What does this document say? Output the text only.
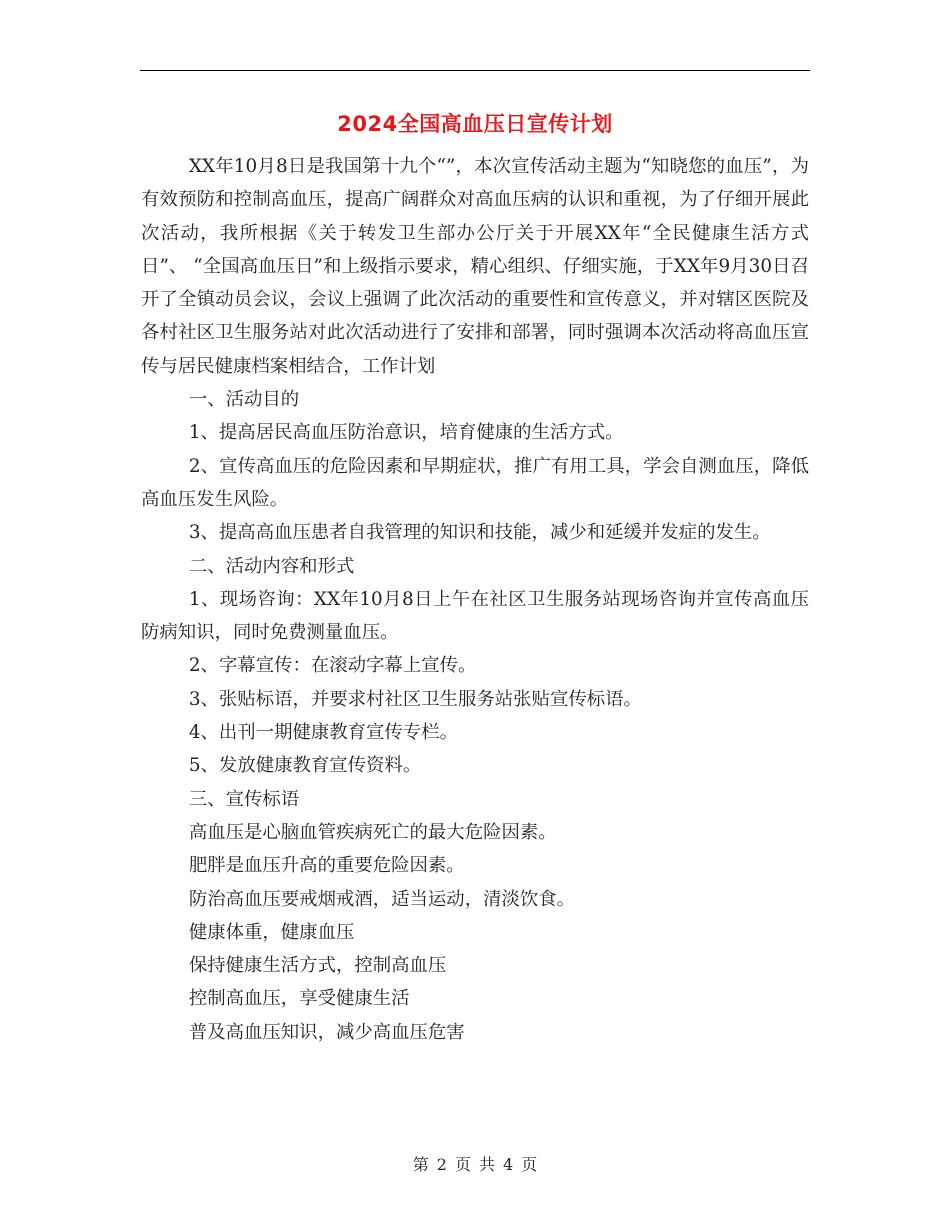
2024全国高血压日宣传计划

XX年10月8日是我国第十九个“”，本次宣传活动主题为“知晓您的血压”，为有效预防和控制高血压，提高广阔群众对高血压病的认识和重视，为了仔细开展此次活动，我所根据《关于转发卫生部办公厅关于开展XX年“全民健康生活方式日”、 “全国高血压日”和上级指示要求，精心组织、仔细实施，于XX年9月30日召开了全镇动员会议，会议上强调了此次活动的重要性和宣传意义，并对辖区医院及各村社区卫生服务站对此次活动进行了安排和部署，同时强调本次活动将高血压宣传与居民健康档案相结合，工作计划

一、活动目的

1、提高居民高血压防治意识，培育健康的生活方式。

2、宣传高血压的危险因素和早期症状，推广有用工具，学会自测血压，降低高血压发生风险。

3、提高高血压患者自我管理的知识和技能，减少和延缓并发症的发生。

二、活动内容和形式

1、现场咨询：XX年10月8日上午在社区卫生服务站现场咨询并宣传高血压防病知识，同时免费测量血压。

2、字幕宣传：在滚动字幕上宣传。

3、张贴标语，并要求村社区卫生服务站张贴宣传标语。

4、出刊一期健康教育宣传专栏。

5、发放健康教育宣传资料。

三、宣传标语

高血压是心脑血管疾病死亡的最大危险因素。

肥胖是血压升高的重要危险因素。

防治高血压要戒烟戒酒，适当运动，清淡饮食。

健康体重，健康血压

保持健康生活方式，控制高血压

控制高血压，享受健康生活

普及高血压知识，减少高血压危害

第 2 页 共 4 页
